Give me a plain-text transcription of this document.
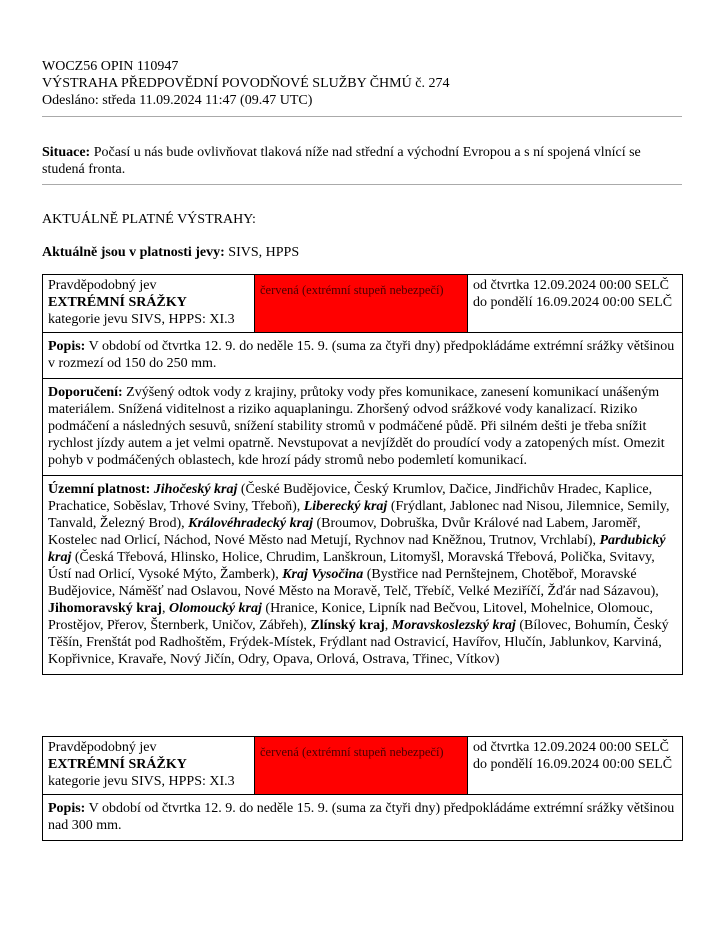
WOCZ56 OPIN 110947
VÝSTRAHA PŘEDPOVĚDNÍ POVODŇOVÉ SLUŽBY ČHMÚ č. 274
Odesláno: středa 11.09.2024 11:47 (09.47 UTC)
Situace: Počasí u nás bude ovlivňovat tlaková níže nad střední a východní Evropou a s ní spojená vlnící se studená fronta.
AKTUÁLNĚ PLATNÉ VÝSTRAHY:
Aktuálně jsou v platnosti jevy: SIVS, HPPS
Pravděpodobný jev
EXTRÉMNÍ SRÁŽKY
kategorie jevu SIVS, HPPS: XI.3
	červená (extrémní stupeň nebezpečí)	od čtvrtka 12.09.2024 00:00 SELČ
do pondělí 16.09.2024 00:00 SELČ

Popis: V období od čtvrtka 12. 9. do neděle 15. 9. (suma za čtyři dny) předpokládáme extrémní srážky většinou v rozmezí od 150 do 250 mm.
Doporučení: Zvýšený odtok vody z krajiny, průtoky vody přes komunikace, zanesení komunikací unášeným materiálem. Snížená viditelnost a riziko aquaplaningu. Zhoršený odvod srážkové vody kanalizací. Riziko podmáčení a následných sesuvů, snížení stability stromů v podmáčené půdě. Při silném dešti je třeba snížit rychlost jízdy autem a jet velmi opatrně. Nevstupovat a nevjíždět do proudící vody a zatopených míst. Omezit pohyb v podmáčených oblastech, kde hrozí pády stromů nebo podemletí komunikací.
Územní platnost: Jihočeský kraj (České Budějovice, Český Krumlov, Dačice, Jindřichův Hradec, Kaplice, Prachatice, Soběslav, Trhové Sviny, Třeboň), Liberecký kraj (Frýdlant, Jablonec nad Nisou, Jilemnice, Semily, Tanvald, Železný Brod), Královéhradecký kraj (Broumov, Dobruška, Dvůr Králové nad Labem, Jaroměř, Kostelec nad Orlicí, Náchod, Nové Město nad Metují, Rychnov nad Kněžnou, Trutnov, Vrchlabí), Pardubický kraj (Česká Třebová, Hlinsko, Holice, Chrudim, Lanškroun, Litomyšl, Moravská Třebová, Polička, Svitavy, Ústí nad Orlicí, Vysoké Mýto, Žamberk), Kraj Vysočina (Bystřice nad Pernštejnem, Chotěboř, Moravské Budějovice, Náměšť nad Oslavou, Nové Město na Moravě, Telč, Třebíč, Velké Meziříčí, Žďár nad Sázavou), Jihomoravský kraj, Olomoucký kraj (Hranice, Konice, Lipník nad Bečvou, Litovel, Mohelnice, Olomouc, Prostějov, Přerov, Šternberk, Uničov, Zábřeh), Zlínský kraj, Moravskoslezský kraj (Bílovec, Bohumín, Český Těšín, Frenštát pod Radhoštěm, Frýdek-Místek, Frýdlant nad Ostravicí, Havířov, Hlučín, Jablunkov, Karviná, Kopřivnice, Kravaře, Nový Jičín, Odry, Opava, Orlová, Ostrava, Třinec, Vítkov)
Pravděpodobný jev
EXTRÉMNÍ SRÁŽKY
kategorie jevu SIVS, HPPS: XI.3
	červená (extrémní stupeň nebezpečí)	od čtvrtka 12.09.2024 00:00 SELČ
do pondělí 16.09.2024 00:00 SELČ

Popis: V období od čtvrtka 12. 9. do neděle 15. 9. (suma za čtyři dny) předpokládáme extrémní srážky většinou nad 300 mm.
